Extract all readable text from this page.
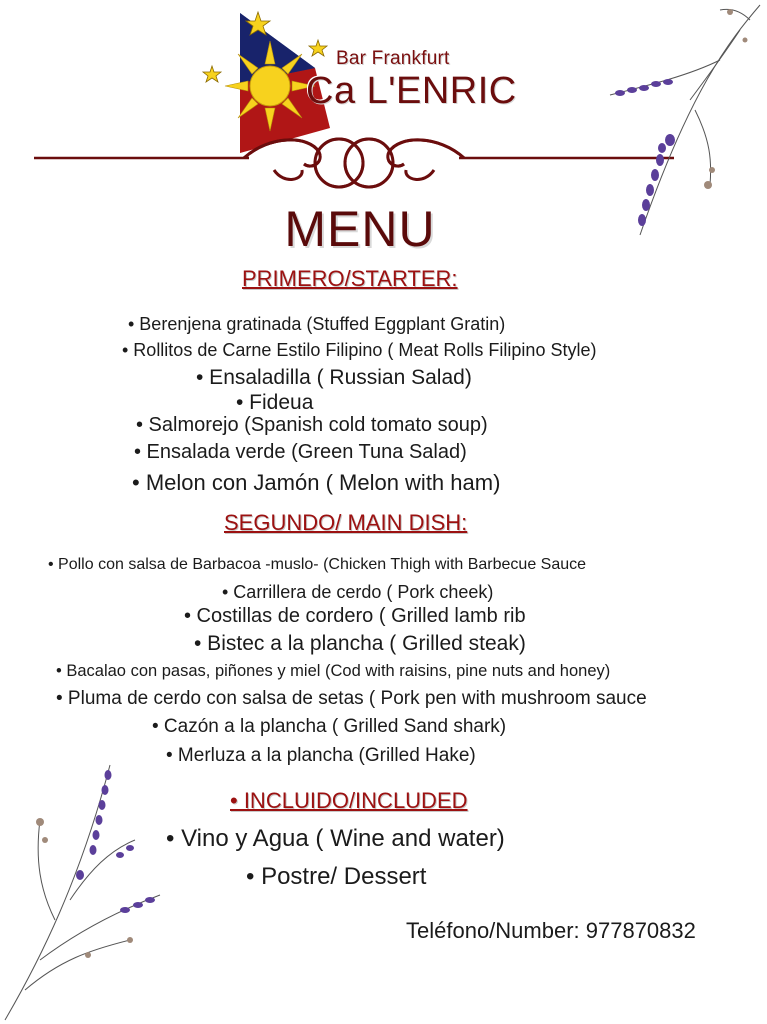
Bar Frankfurt
Ca L'ENRIC
MENU
PRIMERO/STARTER:
• Berenjena gratinada (Stuffed Eggplant Gratin)
• Rollitos de Carne Estilo Filipino ( Meat Rolls Filipino Style)
• Ensaladilla ( Russian Salad)
• Fideua
• Salmorejo (Spanish cold tomato soup)
• Ensalada verde (Green Tuna Salad)
• Melon con Jamón ( Melon with ham)
SEGUNDO/ MAIN DISH:
• Pollo con salsa de Barbacoa -muslo- (Chicken Thigh with Barbecue Sauce
• Carrillera de cerdo ( Pork cheek)
• Costillas de cordero ( Grilled lamb rib
• Bistec a la plancha ( Grilled steak)
• Bacalao con pasas, piñones y miel (Cod with raisins, pine nuts and honey)
• Pluma de cerdo con salsa de setas ( Pork pen with mushroom sauce
• Cazón a la plancha ( Grilled Sand shark)
• Merluza a la plancha (Grilled Hake)
• INCLUIDO/INCLUDED
• Vino y Agua ( Wine and water)
• Postre/ Dessert
Teléfono/Number: 977870832
